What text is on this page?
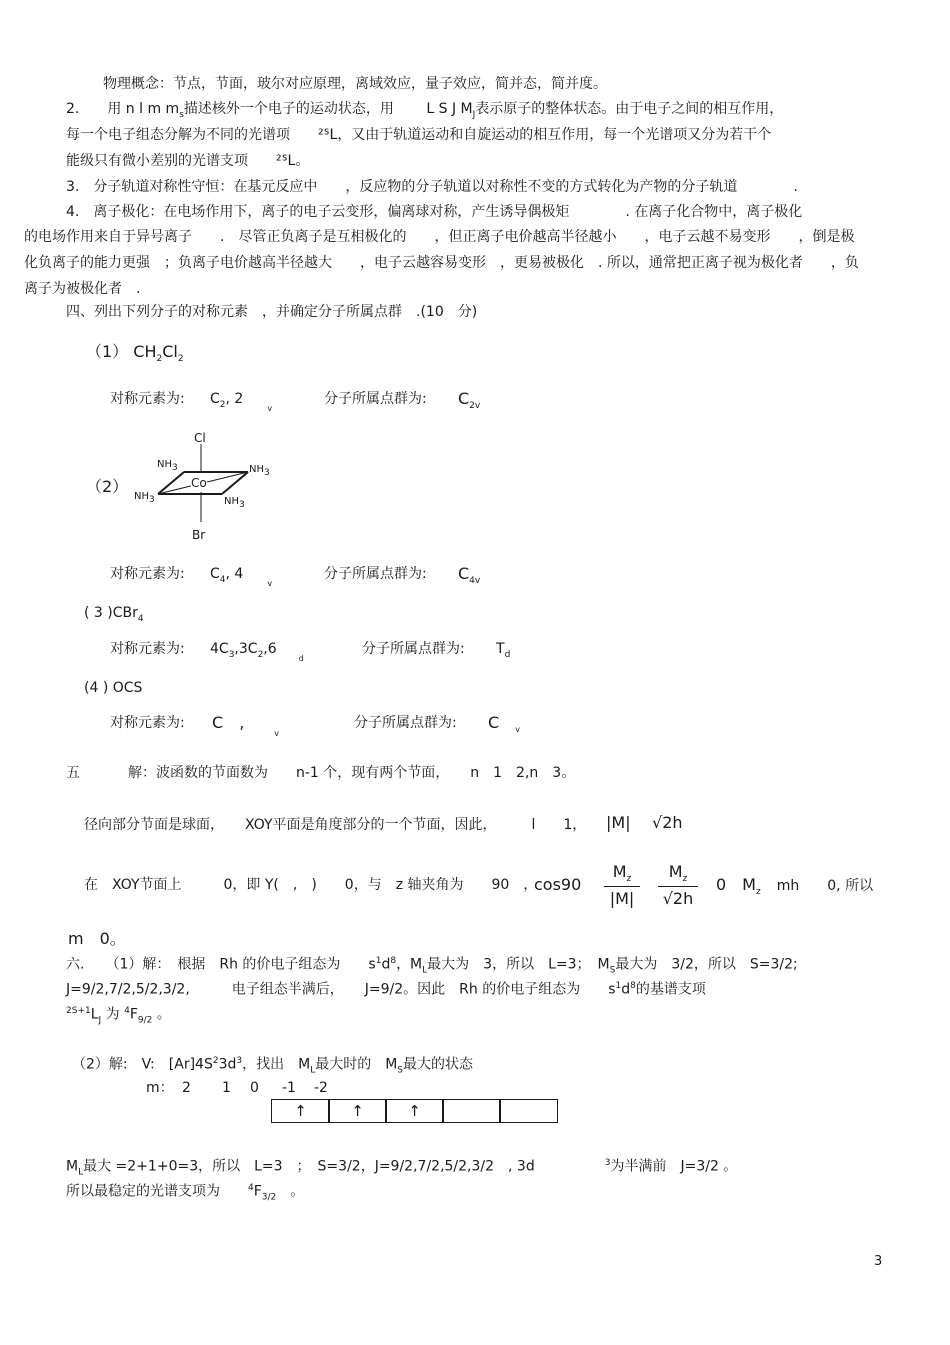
物理概念：节点，节面，玻尔对应原理，离域效应，量子效应，简并态，简并度。
2.　　用 n l m $m_s$描述核外一个电子的运动状态，用　　 L S J $M_J$表示原子的整体状态。由于电子之间的相互作用，
每一个电子组态分解为不同的光谱项　　²ᔆL，又由于轨道运动和自旋运动的相互作用，每一个光谱项又分为若干个
能级只有微小差别的光谱支项　　²ᔆL。
3.　分子轨道对称性守恒：在基元反应中　　，反应物的分子轨道以对称性不变的方式转化为产物的分子轨道　　　　.
4.　离子极化：在电场作用下，离子的电子云变形，偏离球对称，产生诱导偶极矩　　　　. 在离子化合物中，离子极化
的电场作用来自于异号离子　　.　尽管正负离子是互相极化的　　，但正离子电价越高半径越小　　，电子云越不易变形　　，倒是极
化负离子的能力更强　；负离子电价越高半径越大　　，电子云越容易变形　，更易被极化　. 所以，通常把正离子视为极化者　　，负
离子为被极化者　.
四、列出下列分子的对称元素　，并确定分子所属点群　.(10　分)
（1） $CH_2Cl_2$
对称元素为: $C_2$, $2_v$
分子所属点群为: $C_{2v}$
（2）
Cl
Co
Br
$NH_3$	$NH_3$
$NH_3$	$NH_3$
对称元素为: $C_4$, $4_v$
分子所属点群为: $C_{4v}$
( 3 )CBr$_4$
对称元素为: $4C_3,3C_2,6_d$
分子所属点群为: $T_d$
(4 ) OCS
对称元素为: C　 $,_v$
分子所属点群为: C　 $_v$
五	解：波函数的节面数为　　n-1 个，现有两个节面，　　n　1　2,n　3。
径向部分节面是球面，　　XOY平面是角度部分的一个节面，因此，　　　l　　1， |M| √2h
在　XOY节面上　　　0，即 Y(　,　)　　0，与　z 轴夹角为　　90　，
cos90
$M_z$
|M|
$M_z$
√2h
0　$M_z$　 mh　　0, 所以
m　0。
六.　　（1）解：　根据　Rh 的价电子组态为　　$s^1d^8$，$M_L$最大为　3，所以　L=3；　$M_S$最大为　3/2，所以　S=3/2;
J=9/2,7/2,5/2,3/2,　　　电子组态半满后，　　J=9/2。因此　Rh 的价电子组态为　　$s^1d^8$的基谱支项
$^{2S+1}L_J$ 为 $^4F_{9/2}$ 。
（2）解:　V:　$[Ar]4S^23d^3$，找出　$M_L$最大时的　$M_S$最大的状态
m： 2 1 0 -1 -2
↑	↑	↑
$M_L$最大 =2+1+0=3，所以　L=3　；　S=3/2，J=9/2,7/2,5/2,3/2　, 3d　　　　　	$^3$为半满前　J=3/2 。
所以最稳定的光谱支项为　　$^4F_{3/2}$　。
3
